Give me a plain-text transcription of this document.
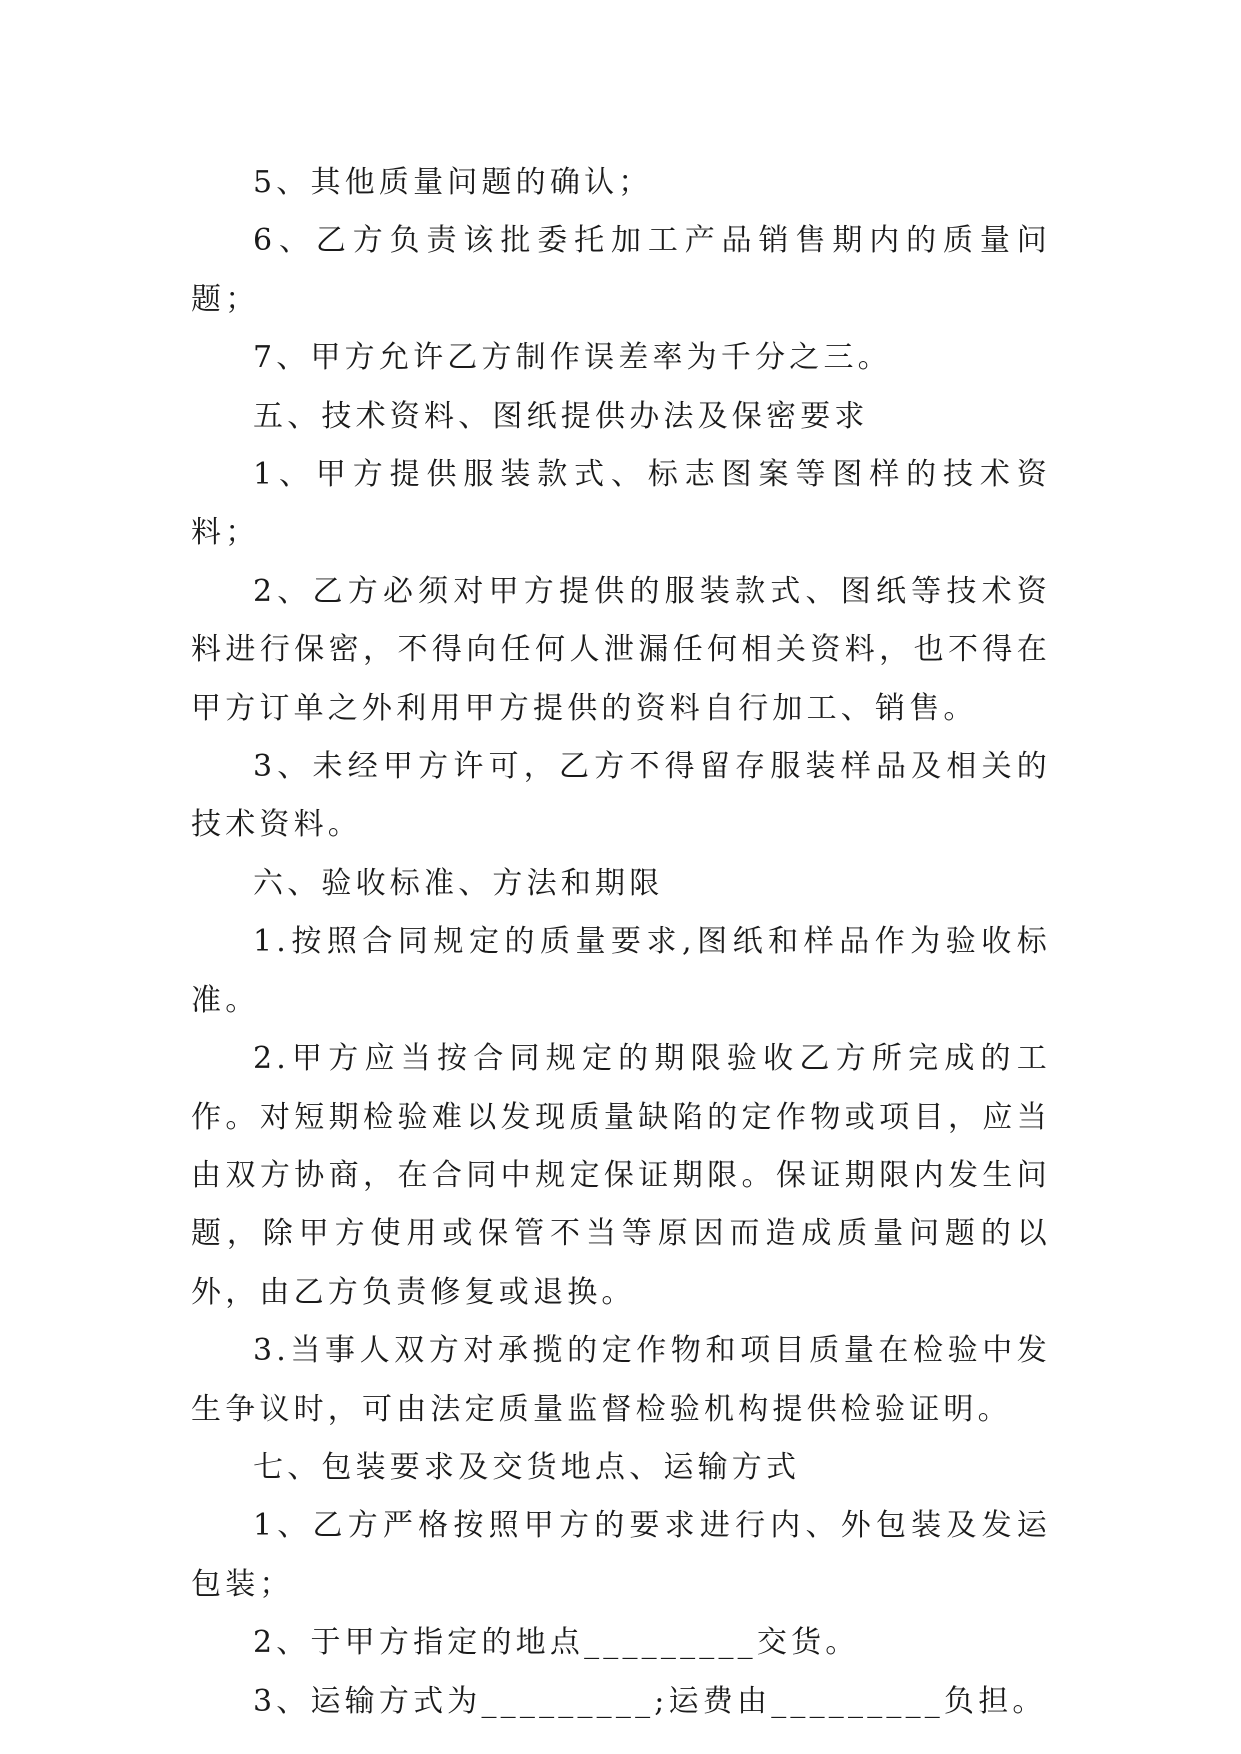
5、其他质量问题的确认；

6、乙方负责该批委托加工产品销售期内的质量问题；

7、甲方允许乙方制作误差率为千分之三。

五、技术资料、图纸提供办法及保密要求

1、甲方提供服装款式、标志图案等图样的技术资料；

2、乙方必须对甲方提供的服装款式、图纸等技术资料进行保密，不得向任何人泄漏任何相关资料，也不得在甲方订单之外利用甲方提供的资料自行加工、销售。

3、未经甲方许可，乙方不得留存服装样品及相关的技术资料。

六、验收标准、方法和期限

1.按照合同规定的质量要求,图纸和样品作为验收标准。

2.甲方应当按合同规定的期限验收乙方所完成的工作。对短期检验难以发现质量缺陷的定作物或项目，应当由双方协商，在合同中规定保证期限。保证期限内发生问题，除甲方使用或保管不当等原因而造成质量问题的以外，由乙方负责修复或退换。

3.当事人双方对承揽的定作物和项目质量在检验中发生争议时，可由法定质量监督检验机构提供检验证明。

七、包装要求及交货地点、运输方式

1、乙方严格按照甲方的要求进行内、外包装及发运包装；

2、于甲方指定的地点_________交货。

3、运输方式为_________;运费由_________负担。
